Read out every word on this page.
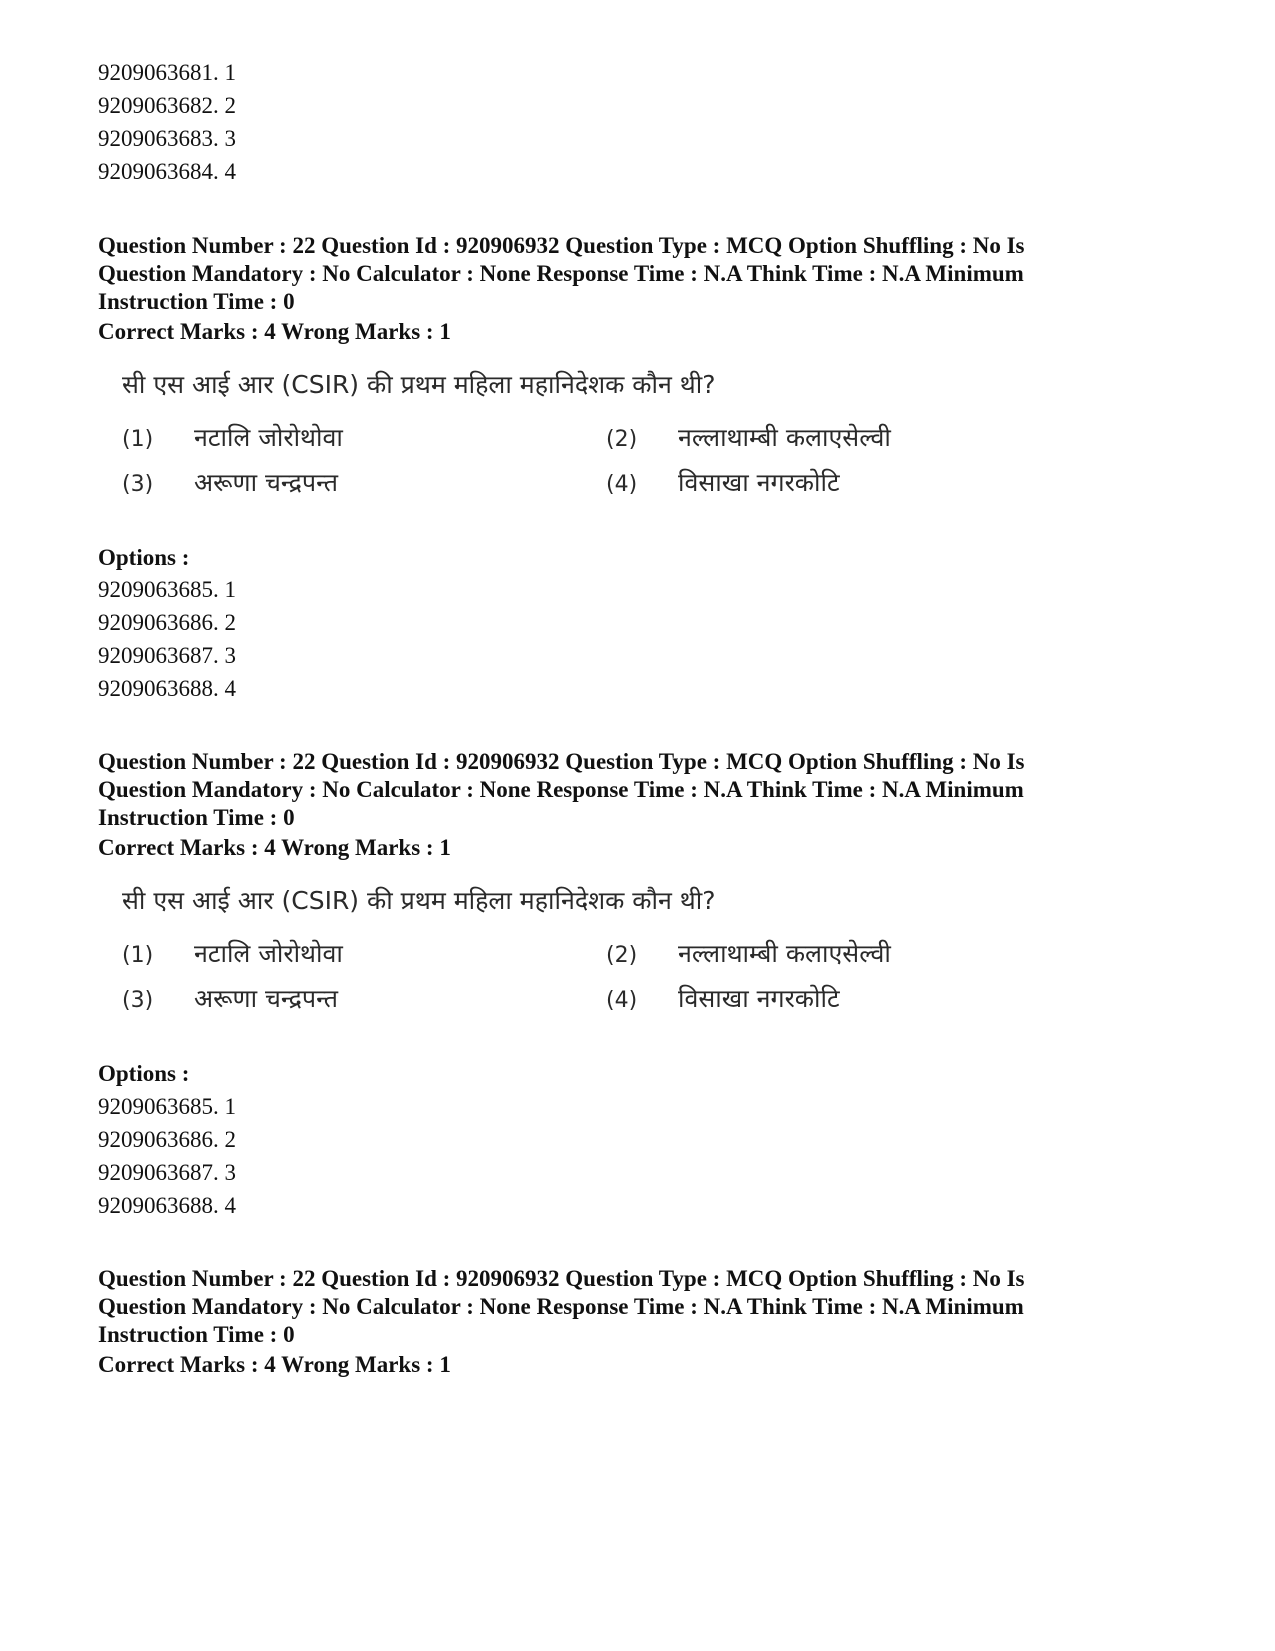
9209063681. 1
9209063682. 2
9209063683. 3
9209063684. 4
Question Number : 22 Question Id : 920906932 Question Type : MCQ Option Shuffling : No Is
Question Mandatory : No Calculator : None Response Time : N.A Think Time : N.A Minimum
Instruction Time : 0
Correct Marks : 4 Wrong Marks : 1
सी एस आई आर (CSIR) की प्रथम महिला महानिदेशक कौन थी?
(1) नटालि जोरोथोवा	(2) नल्लाथाम्बी कलाएसेल्वी
(3) अरूणा चन्द्रपन्त	(4) विसाखा नगरकोटि
Options :
9209063685. 1
9209063686. 2
9209063687. 3
9209063688. 4
Question Number : 22 Question Id : 920906932 Question Type : MCQ Option Shuffling : No Is
Question Mandatory : No Calculator : None Response Time : N.A Think Time : N.A Minimum
Instruction Time : 0
Correct Marks : 4 Wrong Marks : 1
सी एस आई आर (CSIR) की प्रथम महिला महानिदेशक कौन थी?
(1) नटालि जोरोथोवा	(2) नल्लाथाम्बी कलाएसेल्वी
(3) अरूणा चन्द्रपन्त	(4) विसाखा नगरकोटि
Options :
9209063685. 1
9209063686. 2
9209063687. 3
9209063688. 4
Question Number : 22 Question Id : 920906932 Question Type : MCQ Option Shuffling : No Is
Question Mandatory : No Calculator : None Response Time : N.A Think Time : N.A Minimum
Instruction Time : 0
Correct Marks : 4 Wrong Marks : 1
